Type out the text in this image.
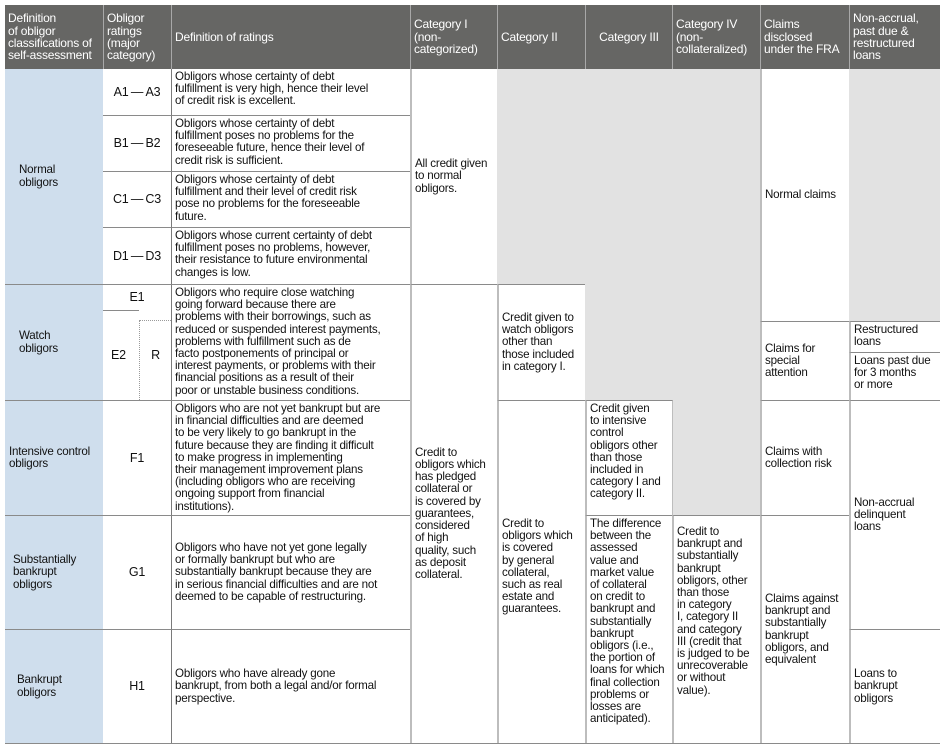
Definition
of obligor
classifications of
self-assessment
Obligor
ratings
(major
category)
Definition of ratings
Category I
(non-
categorized)
Category II	Category III
Category IV
(non-
collateralized)
Claims
disclosed
under the FRA
Non-accrual,
past due &
restructured
loans
Normal
obligors
Watch
obligors
Intensive control
obligors
Substantially
bankrupt
obligors
Bankrupt
obligors
A1 — A3
B1 — B2
C1 — C3
D1 — D3
E1
E2	R
F1
G1
H1
Obligors whose certainty of debt
fulfillment is very high, hence their level
of credit risk is excellent.
Obligors whose certainty of debt
fulfillment poses no problems for the
foreseeable future, hence their level of
credit risk is sufficient.
Obligors whose certainty of debt
fulfillment and their level of credit risk
pose no problems for the foreseeable
future.
Obligors whose current certainty of debt
fulfillment poses no problems, however,
their resistance to future environmental
changes is low.
Obligors who require close watching
going forward because there are
problems with their borrowings, such as
reduced or suspended interest payments,
problems with fulfillment such as de
facto postponements of principal or
interest payments, or problems with their
financial positions as a result of their
poor or unstable business conditions.
Obligors who are not yet bankrupt but are
in financial difficulties and are deemed
to be very likely to go bankrupt in the
future because they are finding it difficult
to make progress in implementing
their management improvement plans
(including obligors who are receiving
ongoing support from financial
institutions).
Obligors who have not yet gone legally
or formally bankrupt but who are
substantially bankrupt because they are
in serious financial difficulties and are not
deemed to be capable of restructuring.
Obligors who have already gone
bankrupt, from both a legal and/or formal
perspective.
All credit given
to normal
obligors.
Credit to
obligors which
has pledged
collateral or
is covered by
guarantees,
considered
of high
quality, such
as deposit
collateral.
Credit given to
watch obligors
other than
those included
in category I.
Credit to
obligors which
is covered
by general
collateral,
such as real
estate and
guarantees.
Credit given
to intensive
control
obligors other
than those
included in
category I and
category II.
The difference
between the
assessed
value and
market value
of collateral
on credit to
bankrupt and
substantially
bankrupt
obligors (i.e.,
the portion of
loans for which
final collection
problems or
losses are
anticipated).
Credit to
bankrupt and
substantially
bankrupt
obligors, other
than those
in category
I, category II
and category
III (credit that
is judged to be
unrecoverable
or without
value).
Normal claims
Claims for
special
attention
Claims with
collection risk
Claims against
bankrupt and
substantially
bankrupt
obligors, and
equivalent
Restructured
loans
Loans past due
for 3 months
or more
Non-accrual
delinquent
loans
Loans to
bankrupt
obligors
